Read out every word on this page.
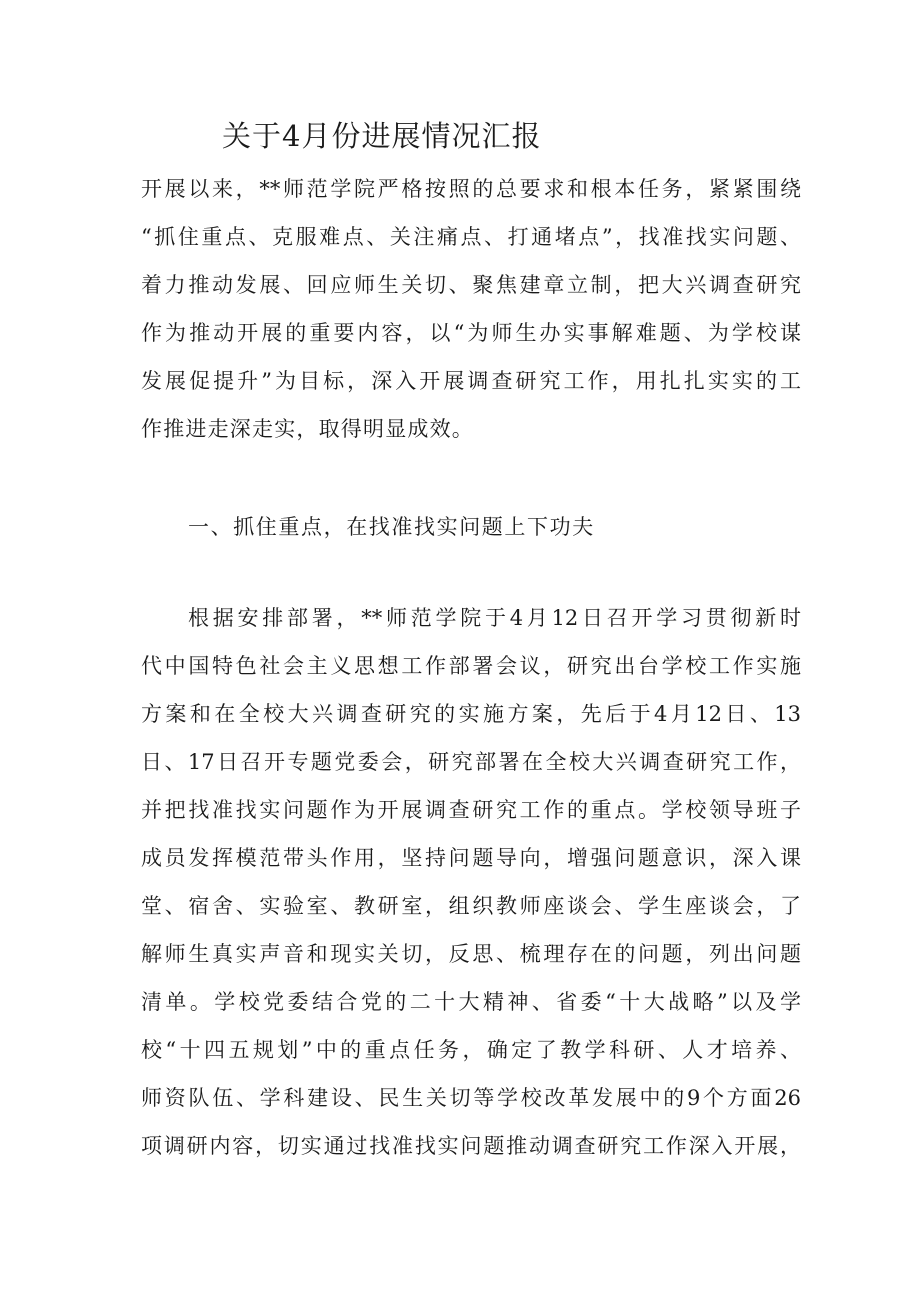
关于4月份进展情况汇报
开展以来，**师范学院严格按照的总要求和根本任务，紧紧围绕
“抓住重点、克服难点、关注痛点、打通堵点”，找准找实问题、
着力推动发展、回应师生关切、聚焦建章立制，把大兴调查研究
作为推动开展的重要内容，以“为师生办实事解难题、为学校谋
发展促提升”为目标，深入开展调查研究工作，用扎扎实实的工
作推进走深走实，取得明显成效。
一、抓住重点，在找准找实问题上下功夫
根据安排部署，**师范学院于4月12日召开学习贯彻新时
代中国特色社会主义思想工作部署会议，研究出台学校工作实施
方案和在全校大兴调查研究的实施方案，先后于4月12日、13
日、17日召开专题党委会，研究部署在全校大兴调查研究工作，
并把找准找实问题作为开展调查研究工作的重点。学校领导班子
成员发挥模范带头作用，坚持问题导向，增强问题意识，深入课
堂、宿舍、实验室、教研室，组织教师座谈会、学生座谈会，了
解师生真实声音和现实关切，反思、梳理存在的问题，列出问题
清单。学校党委结合党的二十大精神、省委“十大战略”以及学
校“十四五规划”中的重点任务，确定了教学科研、人才培养、
师资队伍、学科建设、民生关切等学校改革发展中的9个方面26
项调研内容，切实通过找准找实问题推动调查研究工作深入开展，
